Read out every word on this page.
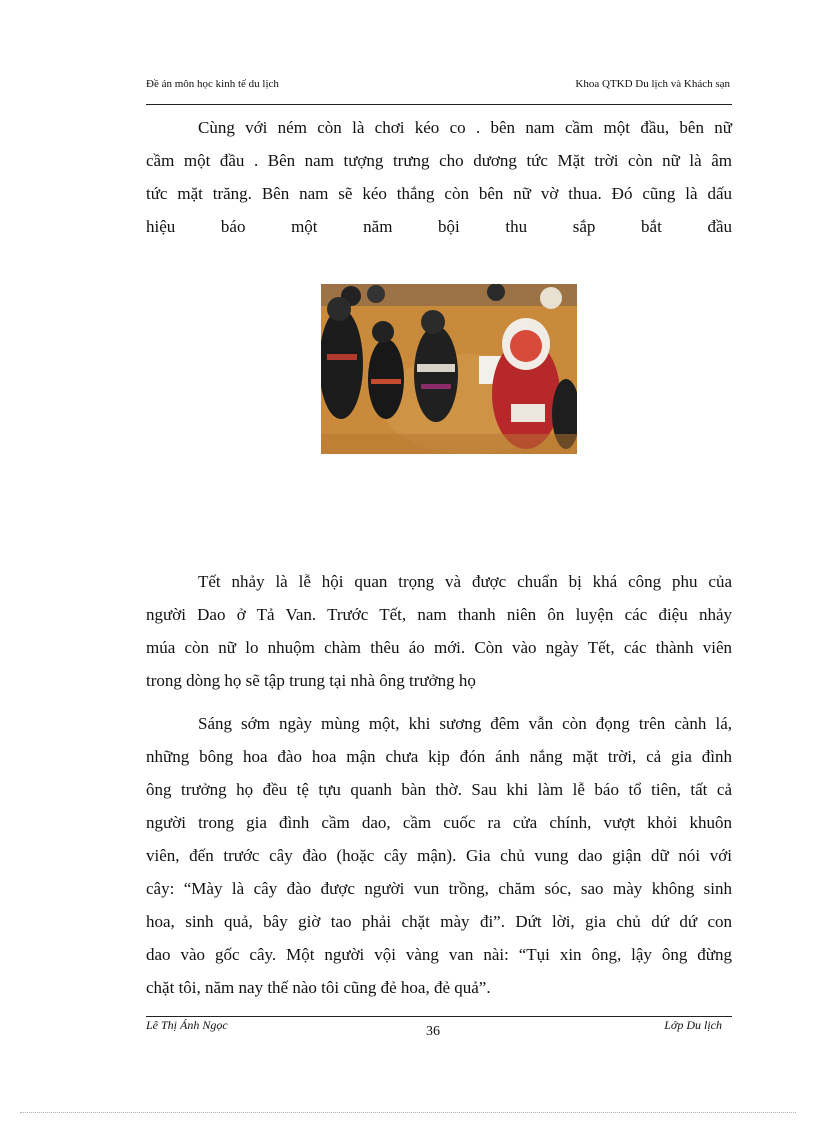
Đề án môn học kinh tế du lịch	Khoa QTKD Du lịch và Khách sạn
Cùng với ném còn là chơi kéo co . bên nam cầm một đầu, bên nữ
cầm một đầu . Bên nam tượng trưng cho dương tức Mặt trời còn nữ là âm
tức mặt trăng. Bên nam sẽ kéo thắng còn bên nữ vờ thua. Đó cũng là dấu
hiệu báo một năm bội thu sắp bắt đầu
Tết nhảy là lễ hội quan trọng và được chuẩn bị khá công phu của
người Dao ở Tả Van. Trước Tết, nam thanh niên ôn luyện các điệu nhảy
múa còn nữ lo nhuộm chàm thêu áo mới. Còn vào ngày Tết, các thành viên
trong dòng họ sẽ tập trung tại nhà ông trưởng họ
Sáng sớm ngày mùng một, khi sương đêm vẫn còn đọng trên cành lá,
những bông hoa đào hoa mận chưa kịp đón ánh nắng mặt trời, cả gia đình
ông trưởng họ đều tệ tựu quanh bàn thờ. Sau khi làm lễ báo tổ tiên, tất cả
người trong gia đình cầm dao, cầm cuốc ra cửa chính, vượt khỏi khuôn
viên, đến trước cây đào (hoặc cây mận). Gia chủ vung dao giận dữ nói với
cây: “Mày là cây đào được người vun trồng, chăm sóc, sao mày không sinh
hoa, sinh quả, bây giờ tao phải chặt mày đi”. Dứt lời, gia chủ dứ dứ con
dao vào gốc cây. Một người vội vàng van nài: “Tụi xin ông, lậy ông đừng
chặt tôi, năm nay thế nào tôi cũng đẻ hoa, đẻ quả”.
Lê Thị Ánh Ngọc	36	Lớp Du lịch
